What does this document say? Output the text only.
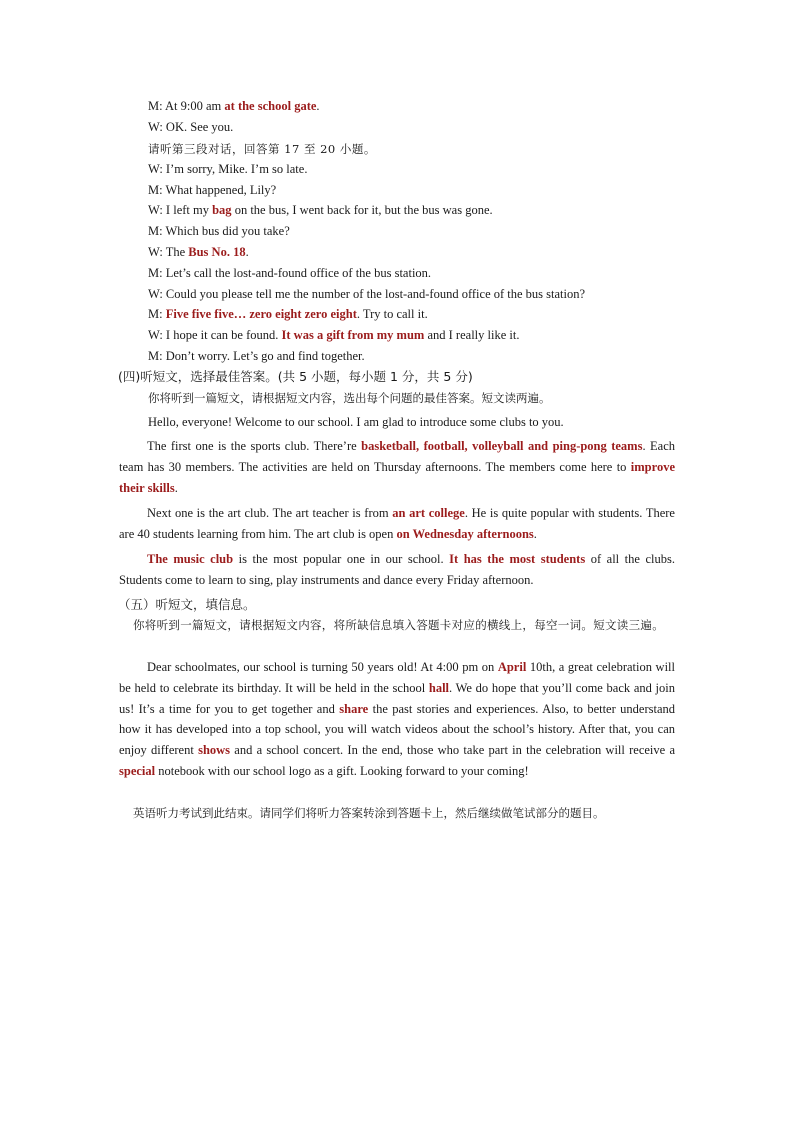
M: At 9:00 am at the school gate.
W: OK. See you.
请听第三段对话，回答第 17 至 20 小题。
W: I’m sorry, Mike. I’m so late.
M: What happened, Lily?
W: I left my bag on the bus, I went back for it, but the bus was gone.
M: Which bus did you take?
W: The Bus No. 18.
M: Let’s call the lost-and-found office of the bus station.
W: Could you please tell me the number of the lost-and-found office of the bus station?
M: Five five five… zero eight zero eight. Try to call it.
W: I hope it can be found. It was a gift from my mum and I really like it.
M: Don’t worry. Let’s go and find together.
(四)听短文，选择最佳答案。(共 5 小题，每小题 1 分，共 5 分)
你将听到一篇短文，请根据短文内容，选出每个问题的最佳答案。短文读两遍。
Hello, everyone! Welcome to our school. I am glad to introduce some clubs to you.

The first one is the sports club. There’re basketball, football, volleyball and ping-pong teams. Each team has 30 members. The activities are held on Thursday afternoons. The members come here to improve their skills.

Next one is the art club. The art teacher is from an art college. He is quite popular with students. There are 40 students learning from him. The art club is open on Wednesday afternoons.

The music club is the most popular one in our school. It has the most students of all the clubs. Students come to learn to sing, play instruments and dance every Friday afternoon.

（五）听短文，填信息。

你将听到一篇短文，请根据短文内容，将所缺信息填入答题卡对应的横线上，每空一词。短文读三遍。

Dear schoolmates, our school is turning 50 years old! At 4:00 pm on April 10th, a great celebration will be held to celebrate its birthday. It will be held in the school hall. We do hope that you’ll come back and join us! It’s a time for you to get together and share the past stories and experiences. Also, to better understand how it has developed into a top school, you will watch videos about the school’s history. After that, you can enjoy different shows and a school concert. In the end, those who take part in the celebration will receive a special notebook with our school logo as a gift. Looking forward to your coming!

英语听力考试到此结束。请同学们将听力答案转涂到答题卡上，然后继续做笔试部分的题目。
